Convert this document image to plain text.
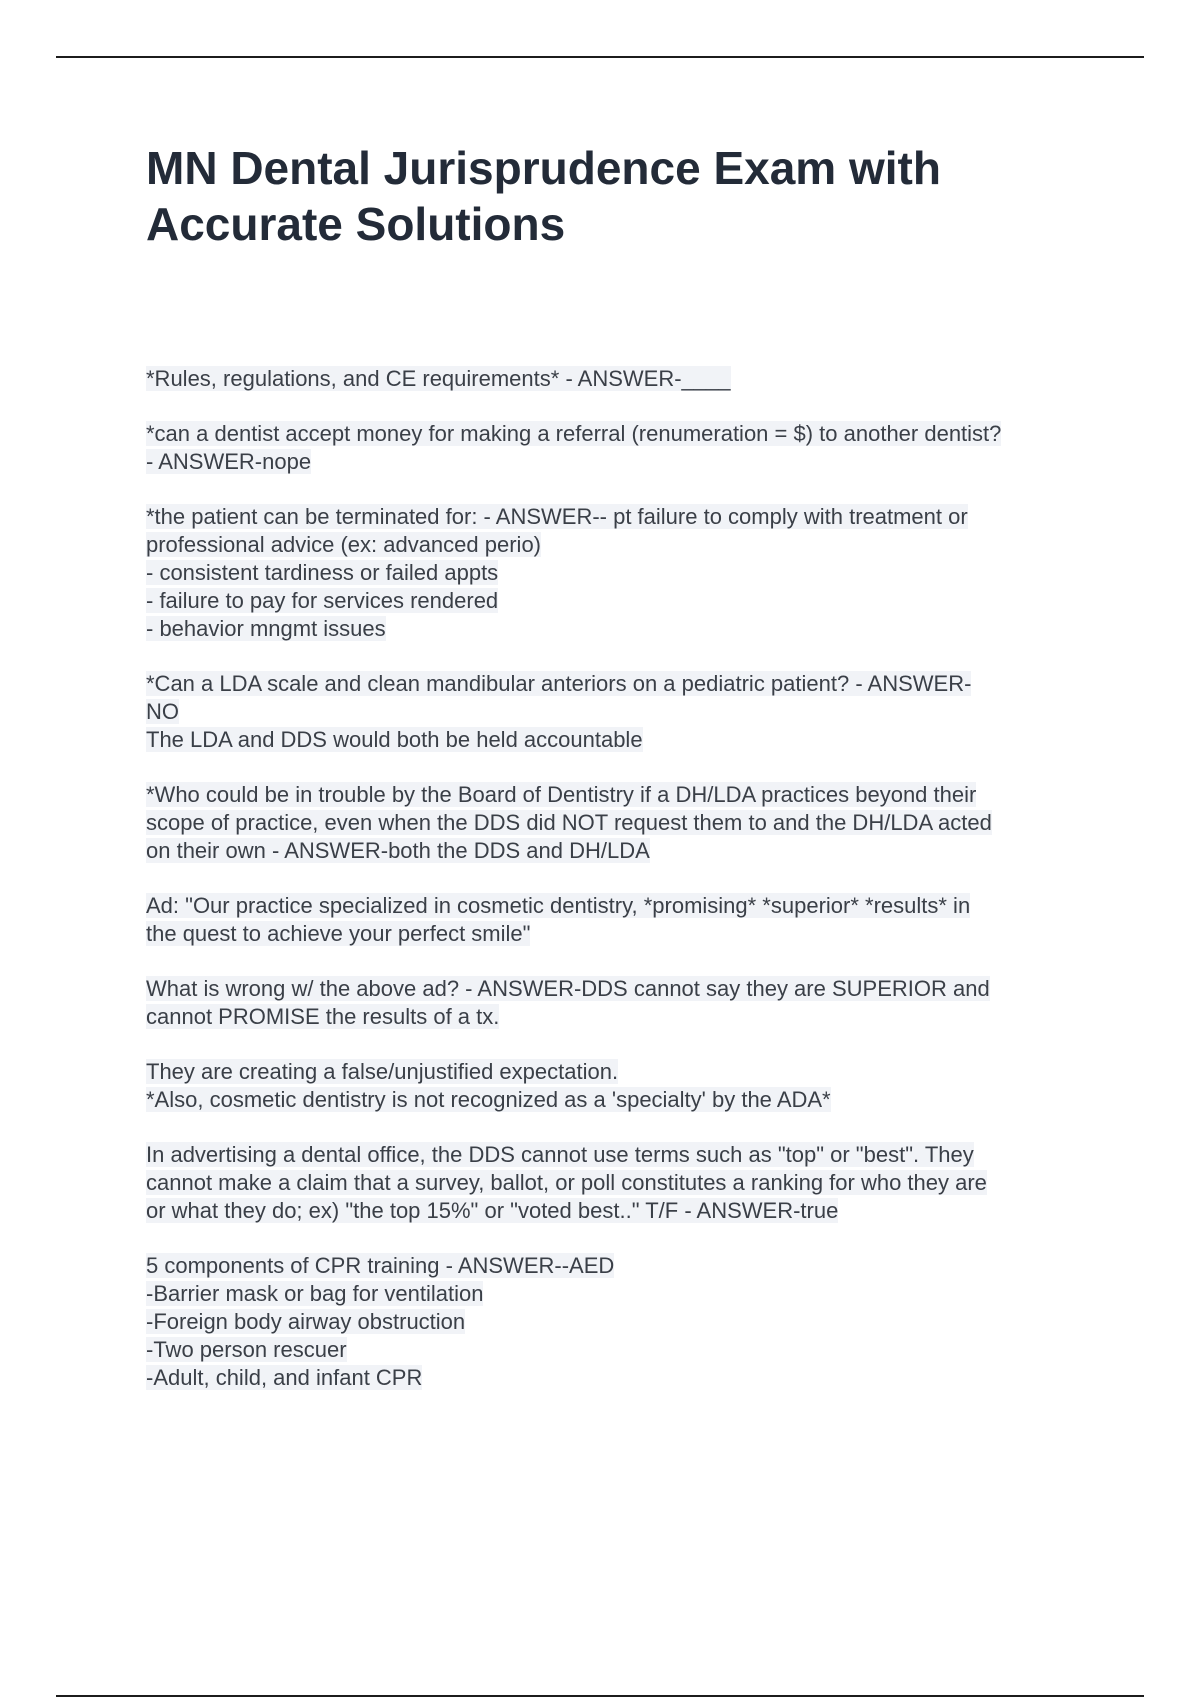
MN Dental Jurisprudence Exam with
Accurate Solutions

*Rules, regulations, and CE requirements* - ANSWER-____

*can a dentist accept money for making a referral (renumeration = $) to another dentist?
- ANSWER-nope

*the patient can be terminated for: - ANSWER-- pt failure to comply with treatment or
professional advice (ex: advanced perio)
- consistent tardiness or failed appts
- failure to pay for services rendered
- behavior mngmt issues

*Can a LDA scale and clean mandibular anteriors on a pediatric patient? - ANSWER-
NO
The LDA and DDS would both be held accountable

*Who could be in trouble by the Board of Dentistry if a DH/LDA practices beyond their
scope of practice, even when the DDS did NOT request them to and the DH/LDA acted
on their own - ANSWER-both the DDS and DH/LDA

Ad: "Our practice specialized in cosmetic dentistry, *promising* *superior* *results* in
the quest to achieve your perfect smile"

What is wrong w/ the above ad? - ANSWER-DDS cannot say they are SUPERIOR and
cannot PROMISE the results of a tx.

They are creating a false/unjustified expectation.
*Also, cosmetic dentistry is not recognized as a 'specialty' by the ADA*

In advertising a dental office, the DDS cannot use terms such as "top" or "best". They
cannot make a claim that a survey, ballot, or poll constitutes a ranking for who they are
or what they do; ex) "the top 15%" or "voted best.." T/F - ANSWER-true

5 components of CPR training - ANSWER--AED
-Barrier mask or bag for ventilation
-Foreign body airway obstruction
-Two person rescuer
-Adult, child, and infant CPR
